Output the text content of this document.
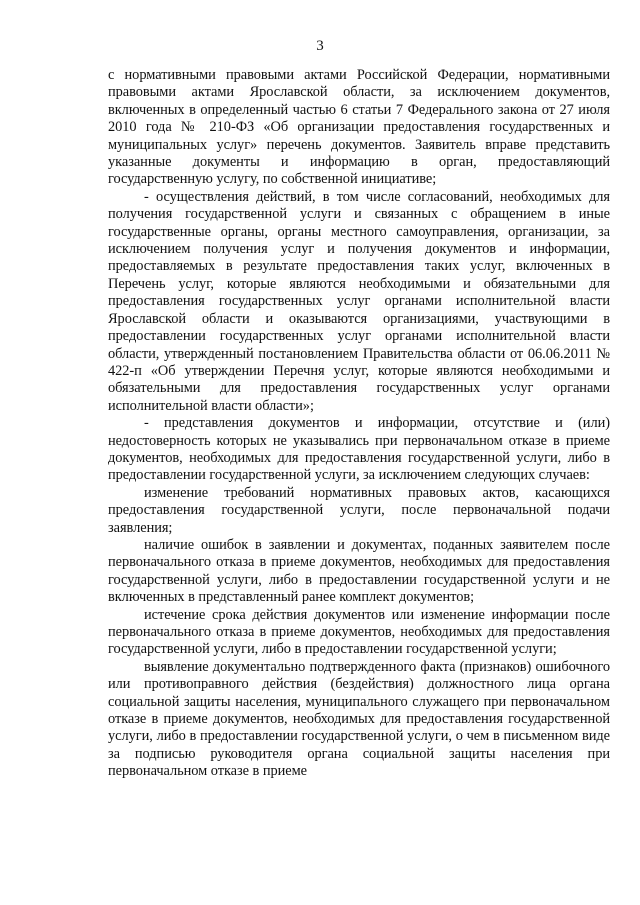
3

с нормативными правовыми актами Российской Федерации, нормативными правовыми актами Ярославской области, за исключением документов, включенных в определенный частью 6 статьи 7 Федерального закона от 27 июля 2010 года № 210-ФЗ «Об организации предоставления государственных и муниципальных услуг» перечень документов. Заявитель вправе представить указанные документы и информацию в орган, предоставляющий государственную услугу, по собственной инициативе;

- осуществления действий, в том числе согласований, необходимых для получения государственной услуги и связанных с обращением в иные государственные органы, органы местного самоуправления, организации, за исключением получения услуг и получения документов и информации, предоставляемых в результате предоставления таких услуг, включенных в Перечень услуг, которые являются необходимыми и обязательными для предоставления государственных услуг органами исполнительной власти Ярославской области и оказываются организациями, участвующими в предоставлении государственных услуг органами исполнительной власти области, утвержденный постановлением Правительства области от 06.06.2011 № 422-п «Об утверждении Перечня услуг, которые являются необходимыми и обязательными для предоставления государственных услуг органами исполнительной власти области»;

- представления документов и информации, отсутствие и (или) недостоверность которых не указывались при первоначальном отказе в приеме документов, необходимых для предоставления государственной услуги, либо в предоставлении государственной услуги, за исключением следующих случаев:

изменение требований нормативных правовых актов, касающихся предоставления государственной услуги, после первоначальной подачи заявления;

наличие ошибок в заявлении и документах, поданных заявителем после первоначального отказа в приеме документов, необходимых для предоставления государственной услуги, либо в предоставлении государственной услуги и не включенных в представленный ранее комплект документов;

истечение срока действия документов или изменение информации после первоначального отказа в приеме документов, необходимых для предоставления государственной услуги, либо в предоставлении государственной услуги;

выявление документально подтвержденного факта (признаков) ошибочного или противоправного действия (бездействия) должностного лица органа социальной защиты населения, муниципального служащего при первоначальном отказе в приеме документов, необходимых для предоставления государственной услуги, либо в предоставлении государственной услуги, о чем в письменном виде за подписью руководителя органа социальной защиты населения при первоначальном отказе в приеме
